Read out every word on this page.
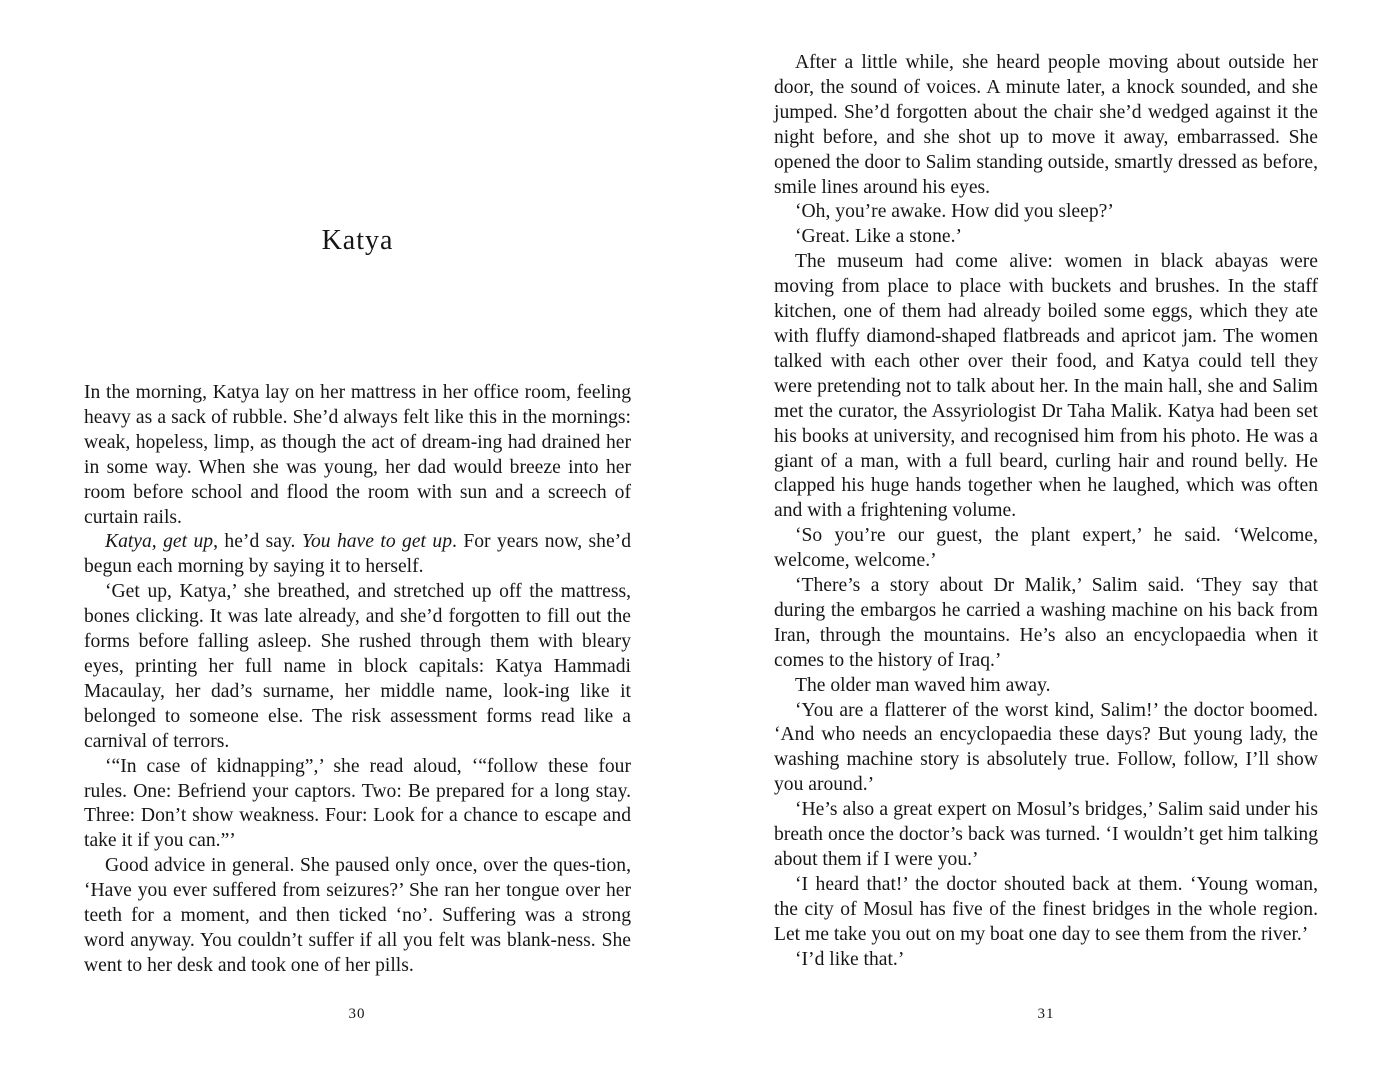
Katya

In the morning, Katya lay on her mattress in her office room, feeling heavy as a sack of rubble. She’d always felt like this in the mornings: weak, hopeless, limp, as though the act of dream-ing had drained her in some way. When she was young, her dad would breeze into her room before school and flood the room with sun and a screech of curtain rails.

Katya, get up, he’d say. You have to get up. For years now, she’d begun each morning by saying it to herself.

‘Get up, Katya,’ she breathed, and stretched up off the mattress, bones clicking. It was late already, and she’d forgotten to fill out the forms before falling asleep. She rushed through them with bleary eyes, printing her full name in block capitals: Katya Hammadi Macaulay, her dad’s surname, her middle name, look-ing like it belonged to someone else. The risk assessment forms read like a carnival of terrors.

‘“In case of kidnapping”,’ she read aloud, ‘“follow these four rules. One: Befriend your captors. Two: Be prepared for a long stay. Three: Don’t show weakness. Four: Look for a chance to escape and take it if you can.”’

Good advice in general. She paused only once, over the ques-tion, ‘Have you ever suffered from seizures?’ She ran her tongue over her teeth for a moment, and then ticked ‘no’. Suffering was a strong word anyway. You couldn’t suffer if all you felt was blank-ness. She went to her desk and took one of her pills.

30

After a little while, she heard people moving about outside her door, the sound of voices. A minute later, a knock sounded, and she jumped. She’d forgotten about the chair she’d wedged against it the night before, and she shot up to move it away, embarrassed. She opened the door to Salim standing outside, smartly dressed as before, smile lines around his eyes.

‘Oh, you’re awake. How did you sleep?’

‘Great. Like a stone.’

The museum had come alive: women in black abayas were moving from place to place with buckets and brushes. In the staff kitchen, one of them had already boiled some eggs, which they ate with fluffy diamond-shaped flatbreads and apricot jam. The women talked with each other over their food, and Katya could tell they were pretending not to talk about her. In the main hall, she and Salim met the curator, the Assyriologist Dr Taha Malik. Katya had been set his books at university, and recognised him from his photo. He was a giant of a man, with a full beard, curling hair and round belly. He clapped his huge hands together when he laughed, which was often and with a frightening volume.

‘So you’re our guest, the plant expert,’ he said. ‘Welcome, welcome, welcome.’

‘There’s a story about Dr Malik,’ Salim said. ‘They say that during the embargos he carried a washing machine on his back from Iran, through the mountains. He’s also an encyclopaedia when it comes to the history of Iraq.’

The older man waved him away.

‘You are a flatterer of the worst kind, Salim!’ the doctor boomed. ‘And who needs an encyclopaedia these days? But young lady, the washing machine story is absolutely true. Follow, follow, I’ll show you around.’

‘He’s also a great expert on Mosul’s bridges,’ Salim said under his breath once the doctor’s back was turned. ‘I wouldn’t get him talking about them if I were you.’

‘I heard that!’ the doctor shouted back at them. ‘Young woman, the city of Mosul has five of the finest bridges in the whole region. Let me take you out on my boat one day to see them from the river.’

‘I’d like that.’

31
